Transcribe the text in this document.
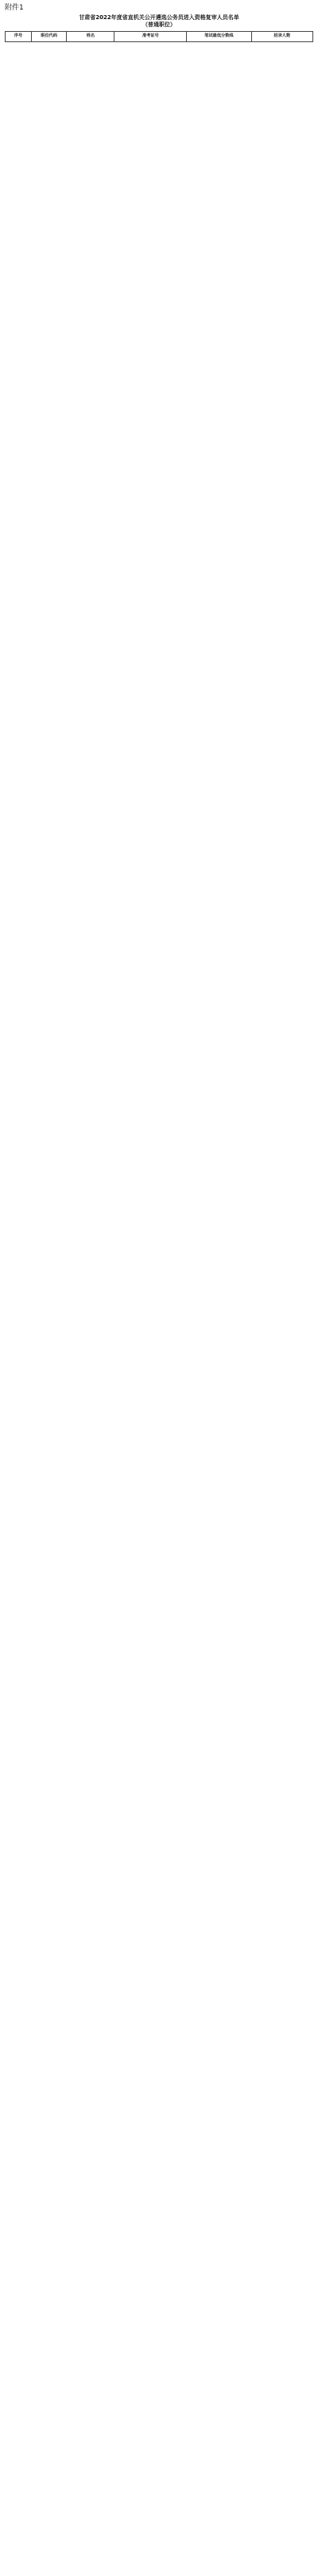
附件1
甘肃省2022年度省直机关公开遴选公务员进入资格复审人员名单
（普通职位）
序号	职位代码	姓名	准考证号	笔试最低分数线	招录人数
